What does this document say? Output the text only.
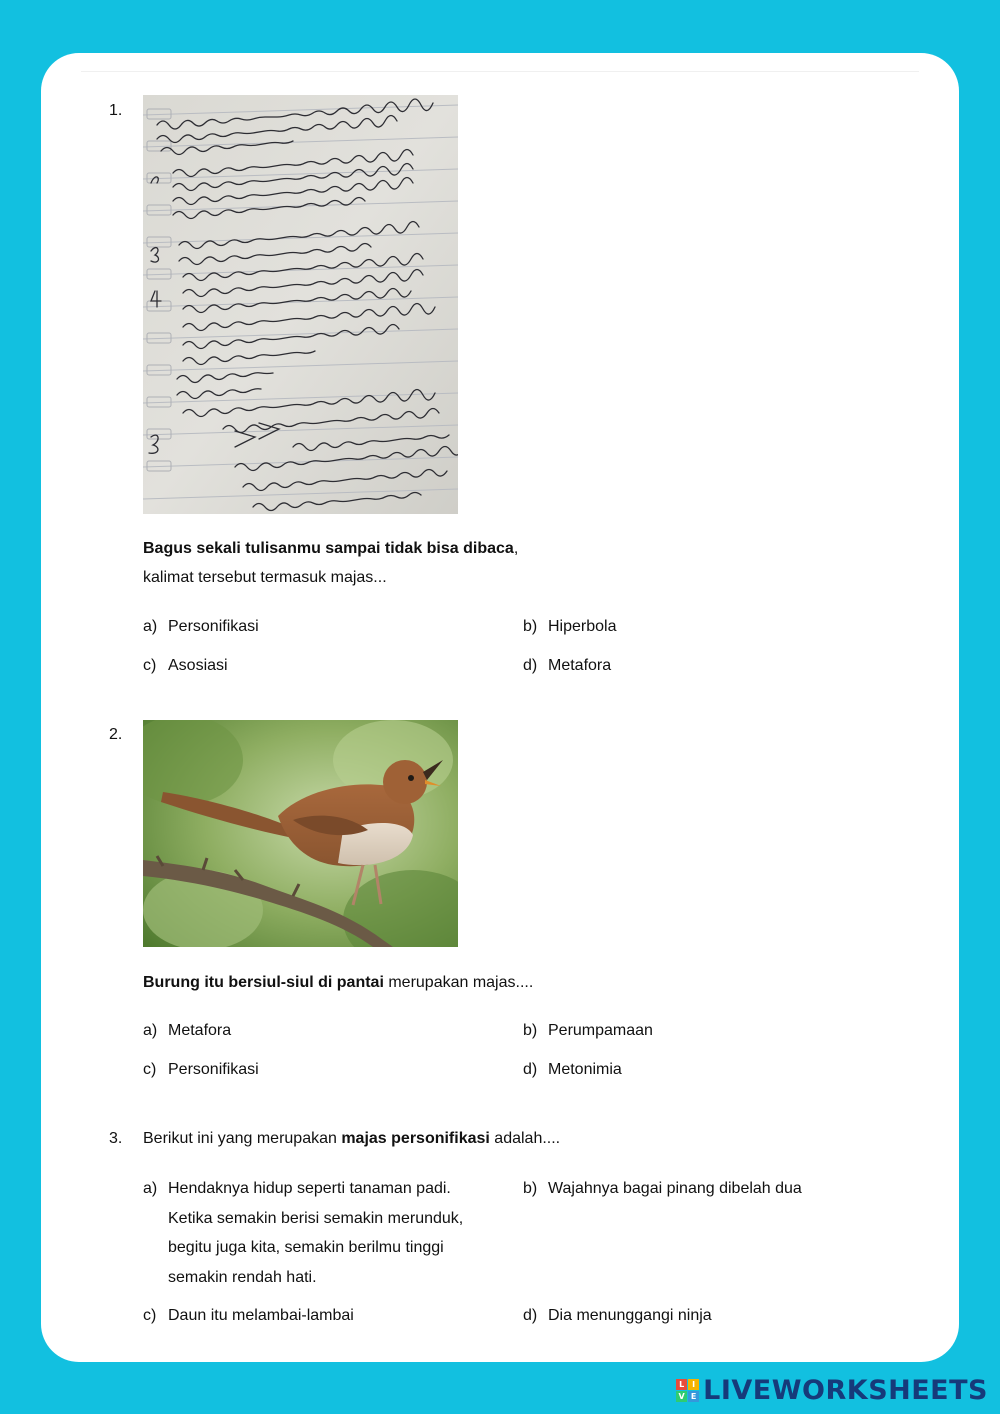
1.
Bagus sekali tulisanmu sampai tidak bisa dibaca,
kalimat tersebut termasuk majas...
a) Personifikasi	b) Hiperbola
c) Asosiasi	d) Metafora
2.
Burung itu bersiul-siul di pantai merupakan majas....
a) Metafora	b) Perumpamaan
c) Personifikasi	d) Metonimia
3. Berikut ini yang merupakan majas personifikasi adalah....
a) Hendaknya hidup seperti tanaman padi.
Ketika semakin berisi semakin merunduk,
begitu juga kita, semakin berilmu tinggi
semakin rendah hati.
b) Wajahnya bagai pinang dibelah dua
c) Daun itu melambai-lambai	d) Dia menunggangi ninja
L I
V E LIVEWORKSHEETS
